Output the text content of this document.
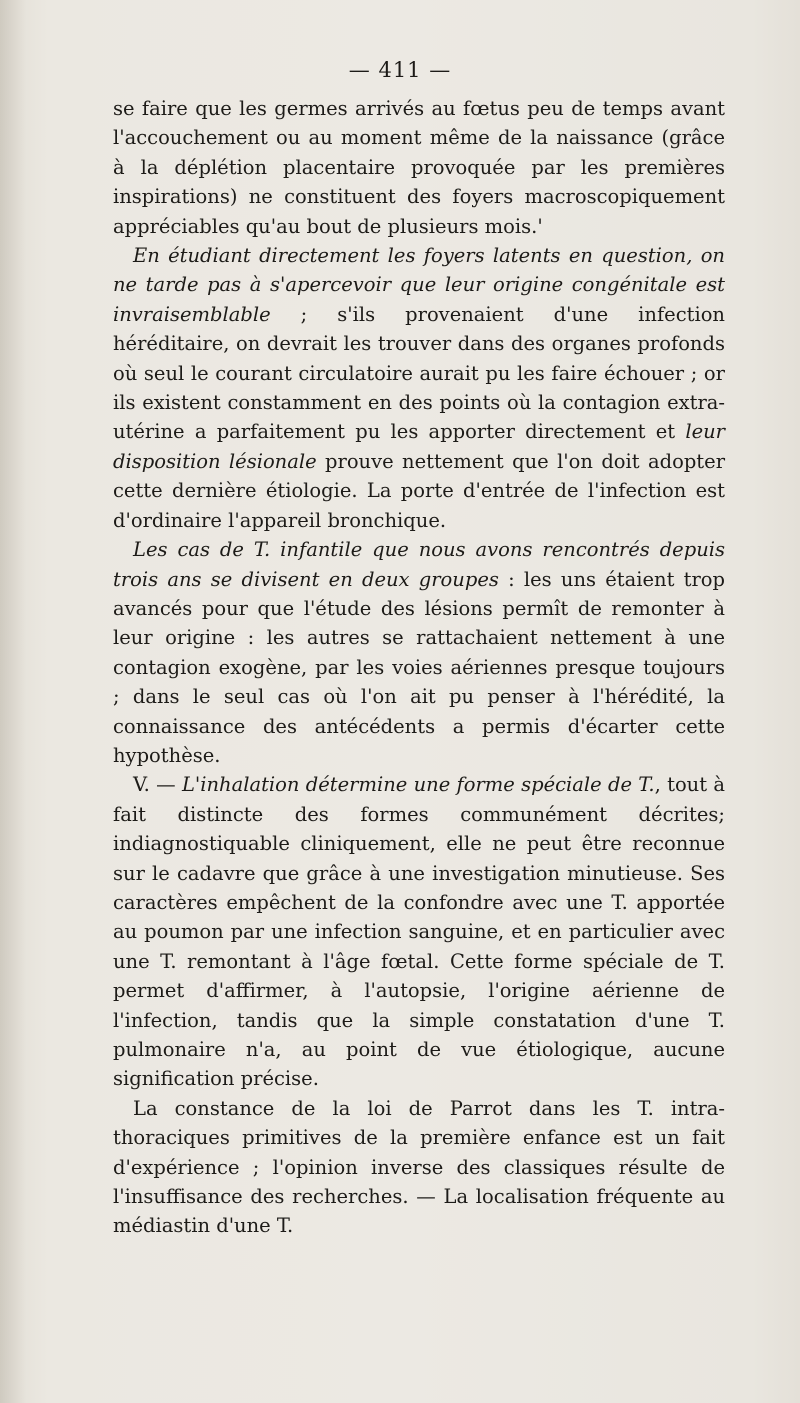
— 411 —

se faire que les germes arrivés au fœtus peu de temps avant l'accouchement ou au moment même de la naissance (grâce à la déplétion placentaire provoquée par les premières inspirations) ne constituent des foyers macroscopiquement appréciables qu'au bout de plusieurs mois.'

En étudiant directement les foyers latents en question, on ne tarde pas à s'apercevoir que leur origine congénitale est invraisemblable ; s'ils provenaient d'une infection héréditaire, on devrait les trouver dans des organes profonds où seul le courant circulatoire aurait pu les faire échouer ; or ils existent constamment en des points où la contagion extra-utérine a parfaitement pu les apporter directement et leur disposition lésionale prouve nettement que l'on doit adopter cette dernière étiologie. La porte d'entrée de l'infection est d'ordinaire l'appareil bronchique.

Les cas de T. infantile que nous avons rencontrés depuis trois ans se divisent en deux groupes : les uns étaient trop avancés pour que l'étude des lésions permît de remonter à leur origine : les autres se rattachaient nettement à une contagion exogène, par les voies aériennes presque toujours ; dans le seul cas où l'on ait pu penser à l'hérédité, la connaissance des antécédents a permis d'écarter cette hypothèse.

V. — L'inhalation détermine une forme spéciale de T., tout à fait distincte des formes communément décrites; indiagnostiquable cliniquement, elle ne peut être reconnue sur le cadavre que grâce à une investigation minutieuse. Ses caractères empêchent de la confondre avec une T. apportée au poumon par une infection sanguine, et en particulier avec une T. remontant à l'âge fœtal. Cette forme spéciale de T. permet d'affirmer, à l'autopsie, l'origine aérienne de l'infection, tandis que la simple constatation d'une T. pulmonaire n'a, au point de vue étiologique, aucune signification précise.

La constance de la loi de Parrot dans les T. intra-thoraciques primitives de la première enfance est un fait d'expérience ; l'opinion inverse des classiques résulte de l'insuffisance des recherches. — La localisation fréquente au médiastin d'une T.
